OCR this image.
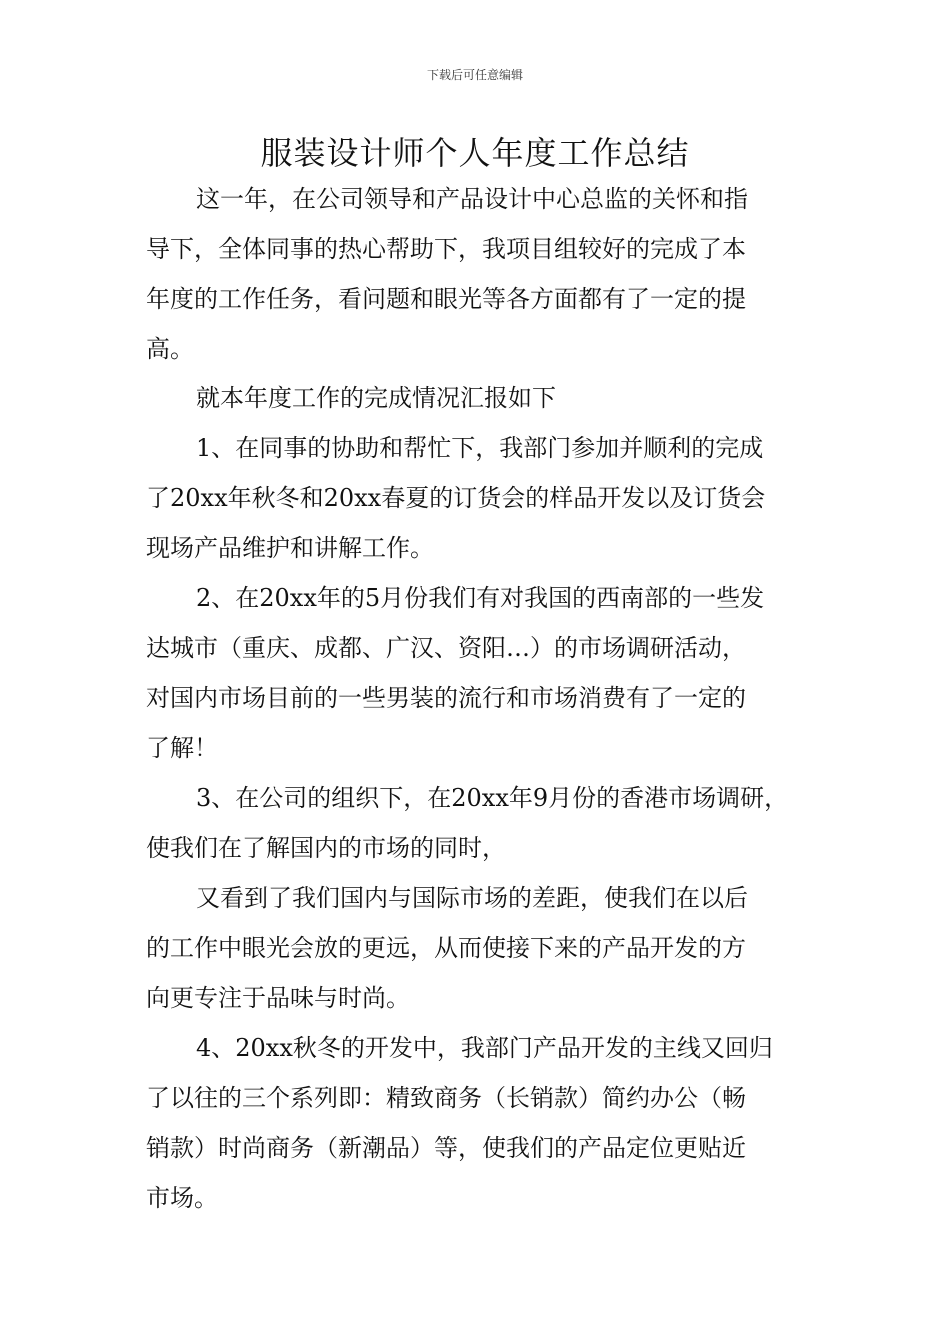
下载后可任意编辑
服装设计师个人年度工作总结
这一年，在公司领导和产品设计中心总监的关怀和指
导下，全体同事的热心帮助下，我项目组较好的完成了本
年度的工作任务，看问题和眼光等各方面都有了一定的提
高。
就本年度工作的完成情况汇报如下
1、在同事的协助和帮忙下，我部门参加并顺利的完成
了20xx年秋冬和20xx春夏的订货会的样品开发以及订货会
现场产品维护和讲解工作。
2、在20xx年的5月份我们有对我国的西南部的一些发
达城市（重庆、成都、广汉、资阳…）的市场调研活动，
对国内市场目前的一些男装的流行和市场消费有了一定的
了解！
3、在公司的组织下，在20xx年9月份的香港市场调研，
使我们在了解国内的市场的同时，
又看到了我们国内与国际市场的差距，使我们在以后
的工作中眼光会放的更远，从而使接下来的产品开发的方
向更专注于品味与时尚。
4、20xx秋冬的开发中，我部门产品开发的主线又回归
了以往的三个系列即：精致商务（长销款）简约办公（畅
销款）时尚商务（新潮品）等，使我们的产品定位更贴近
市场。
